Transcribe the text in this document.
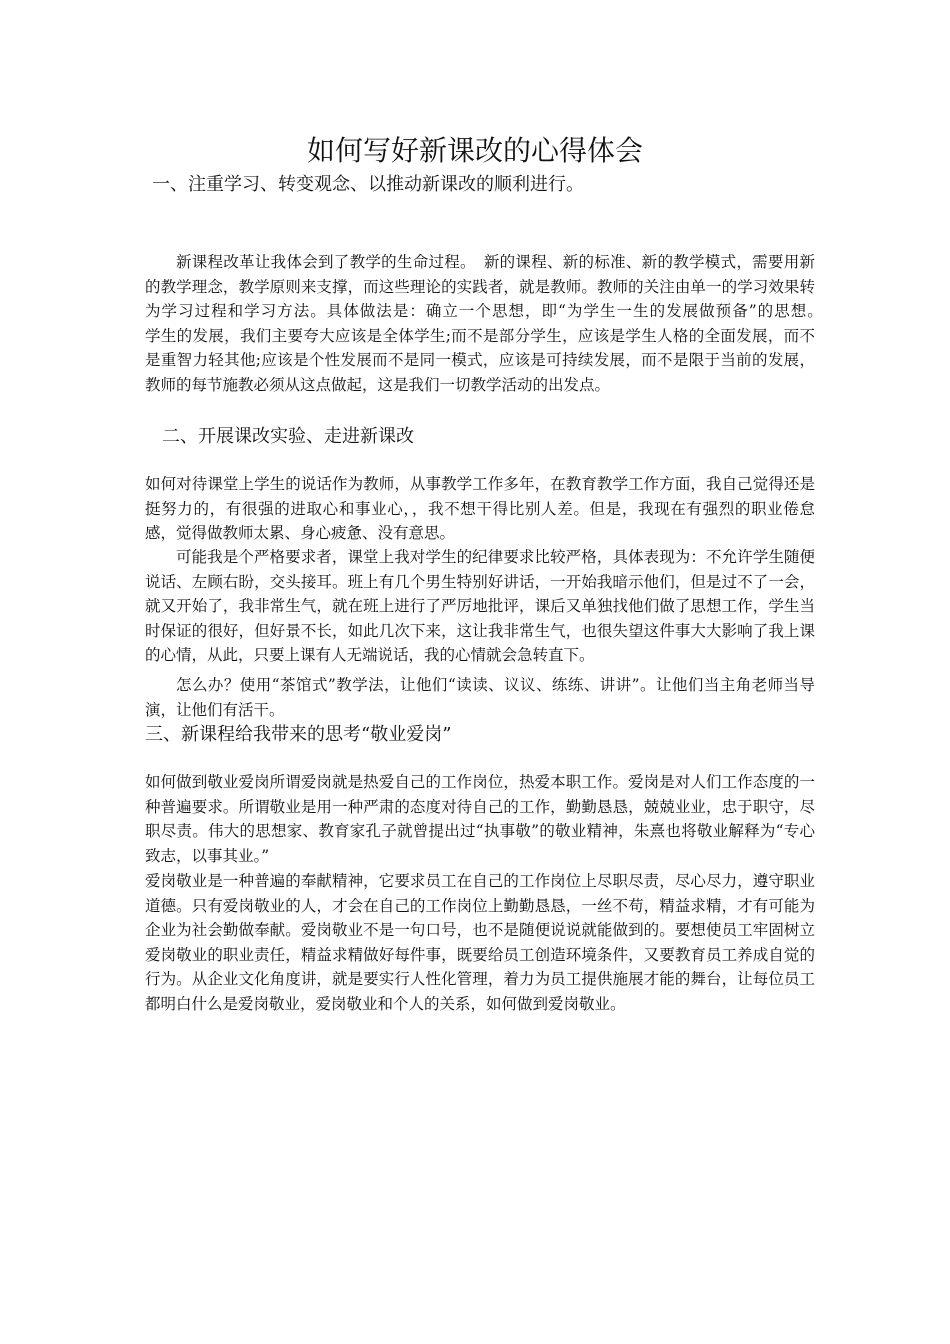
如何写好新课改的心得体会
一、注重学习、转变观念、以推动新课改的顺利进行。

新课程改革让我体会到了教学的生命过程。　新的课程、新的标准、新的教学模式，需要用新的教学理念，教学原则来支撑，而这些理论的实践者，就是教师。教师的关注由单一的学习效果转为学习过程和学习方法。具体做法是：确立一个思想，即“为学生一生的发展做预备”的思想。　　学生的发展，我们主要夸大应该是全体学生;而不是部分学生，应该是学生人格的全面发展，而不是重智力轻其他;应该是个性发展而不是同一模式，应该是可持续发展，而不是限于当前的发展，教师的每节施教必须从这点做起，这是我们一切教学活动的出发点。

二、开展课改实验、走进新课改

如何对待课堂上学生的说话作为教师，从事教学工作多年，在教育教学工作方面，我自己觉得还是挺努力的，有很强的进取心和事业心，，我不想干得比别人差。但是，我现在有强烈的职业倦怠感，觉得做教师太累、身心疲惫、没有意思。

可能我是个严格要求者，课堂上我对学生的纪律要求比较严格，具体表现为：不允许学生随便说话、左顾右盼，交头接耳。班上有几个男生特别好讲话，一开始我暗示他们，但是过不了一会，就又开始了，我非常生气，就在班上进行了严厉地批评，课后又单独找他们做了思想工作，学生当时保证的很好，但好景不长，如此几次下来，这让我非常生气，也很失望这件事大大影响了我上课的心情，从此，只要上课有人无端说话，我的心情就会急转直下。

怎么办？使用“茶馆式”教学法，让他们“读读、议议、练练、讲讲”。让他们当主角老师当导演，让他们有活干。

三、新课程给我带来的思考“敬业爱岗”

如何做到敬业爱岗所谓爱岗就是热爱自己的工作岗位，热爱本职工作。爱岗是对人们工作态度的一种普遍要求。所谓敬业是用一种严肃的态度对待自己的工作，勤勤恳恳，兢兢业业，忠于职守，尽职尽责。伟大的思想家、教育家孔子就曾提出过“执事敬”的敬业精神，朱熹也将敬业解释为“专心致志，以事其业。”

爱岗敬业是一种普遍的奉献精神，它要求员工在自己的工作岗位上尽职尽责，尽心尽力，遵守职业道德。只有爱岗敬业的人，才会在自己的工作岗位上勤勤恳恳，一丝不苟，精益求精，才有可能为企业为社会勤做奉献。爱岗敬业不是一句口号，也不是随便说说就能做到的。要想使员工牢固树立爱岗敬业的职业责任，精益求精做好每件事，既要给员工创造环境条件，又要教育员工养成自觉的行为。从企业文化角度讲，就是要实行人性化管理，着力为员工提供施展才能的舞台，让每位员工都明白什么是爱岗敬业，爱岗敬业和个人的关系，如何做到爱岗敬业。
